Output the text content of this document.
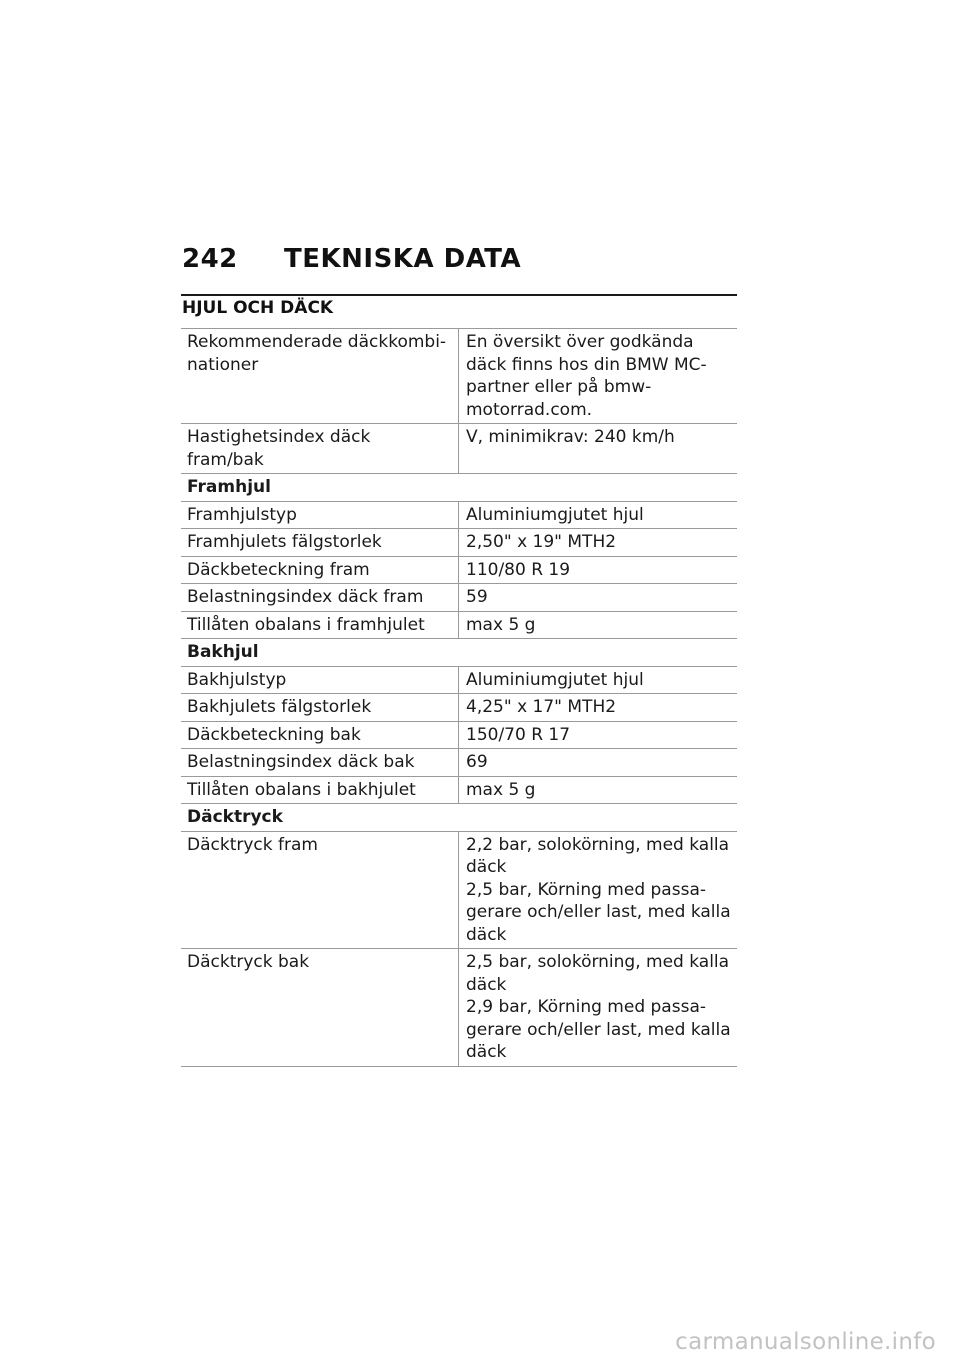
242	TEKNISKA DATA
HJUL OCH DÄCK
Rekommenderade däckkombi-
nationer	En översikt över godkända
däck finns hos din BMW MC-
partner eller på bmw-
motorrad.com.

Hastighetsindex däck fram/bak	V, minimikrav: 240 km/h

Framhjul	

Framhjulstyp	Aluminiumgjutet hjul

Framhjulets fälgstorlek	2,50" x 19" MTH2

Däckbeteckning fram	110/80 R 19

Belastningsindex däck fram	59

Tillåten obalans i framhjulet	max 5 g

Bakhjul	

Bakhjulstyp	Aluminiumgjutet hjul

Bakhjulets fälgstorlek	4,25" x 17" MTH2

Däckbeteckning bak	150/70 R 17

Belastningsindex däck bak	69

Tillåten obalans i bakhjulet	max 5 g

Däcktryck	

Däcktryck fram	2,2 bar, solokörning, med kalla
däck
2,5 bar, Körning med passa-
gerare och/eller last, med kalla
däck

Däcktryck bak	2,5 bar, solokörning, med kalla
däck
2,9 bar, Körning med passa-
gerare och/eller last, med kalla
däck
carmanualsonline.info
